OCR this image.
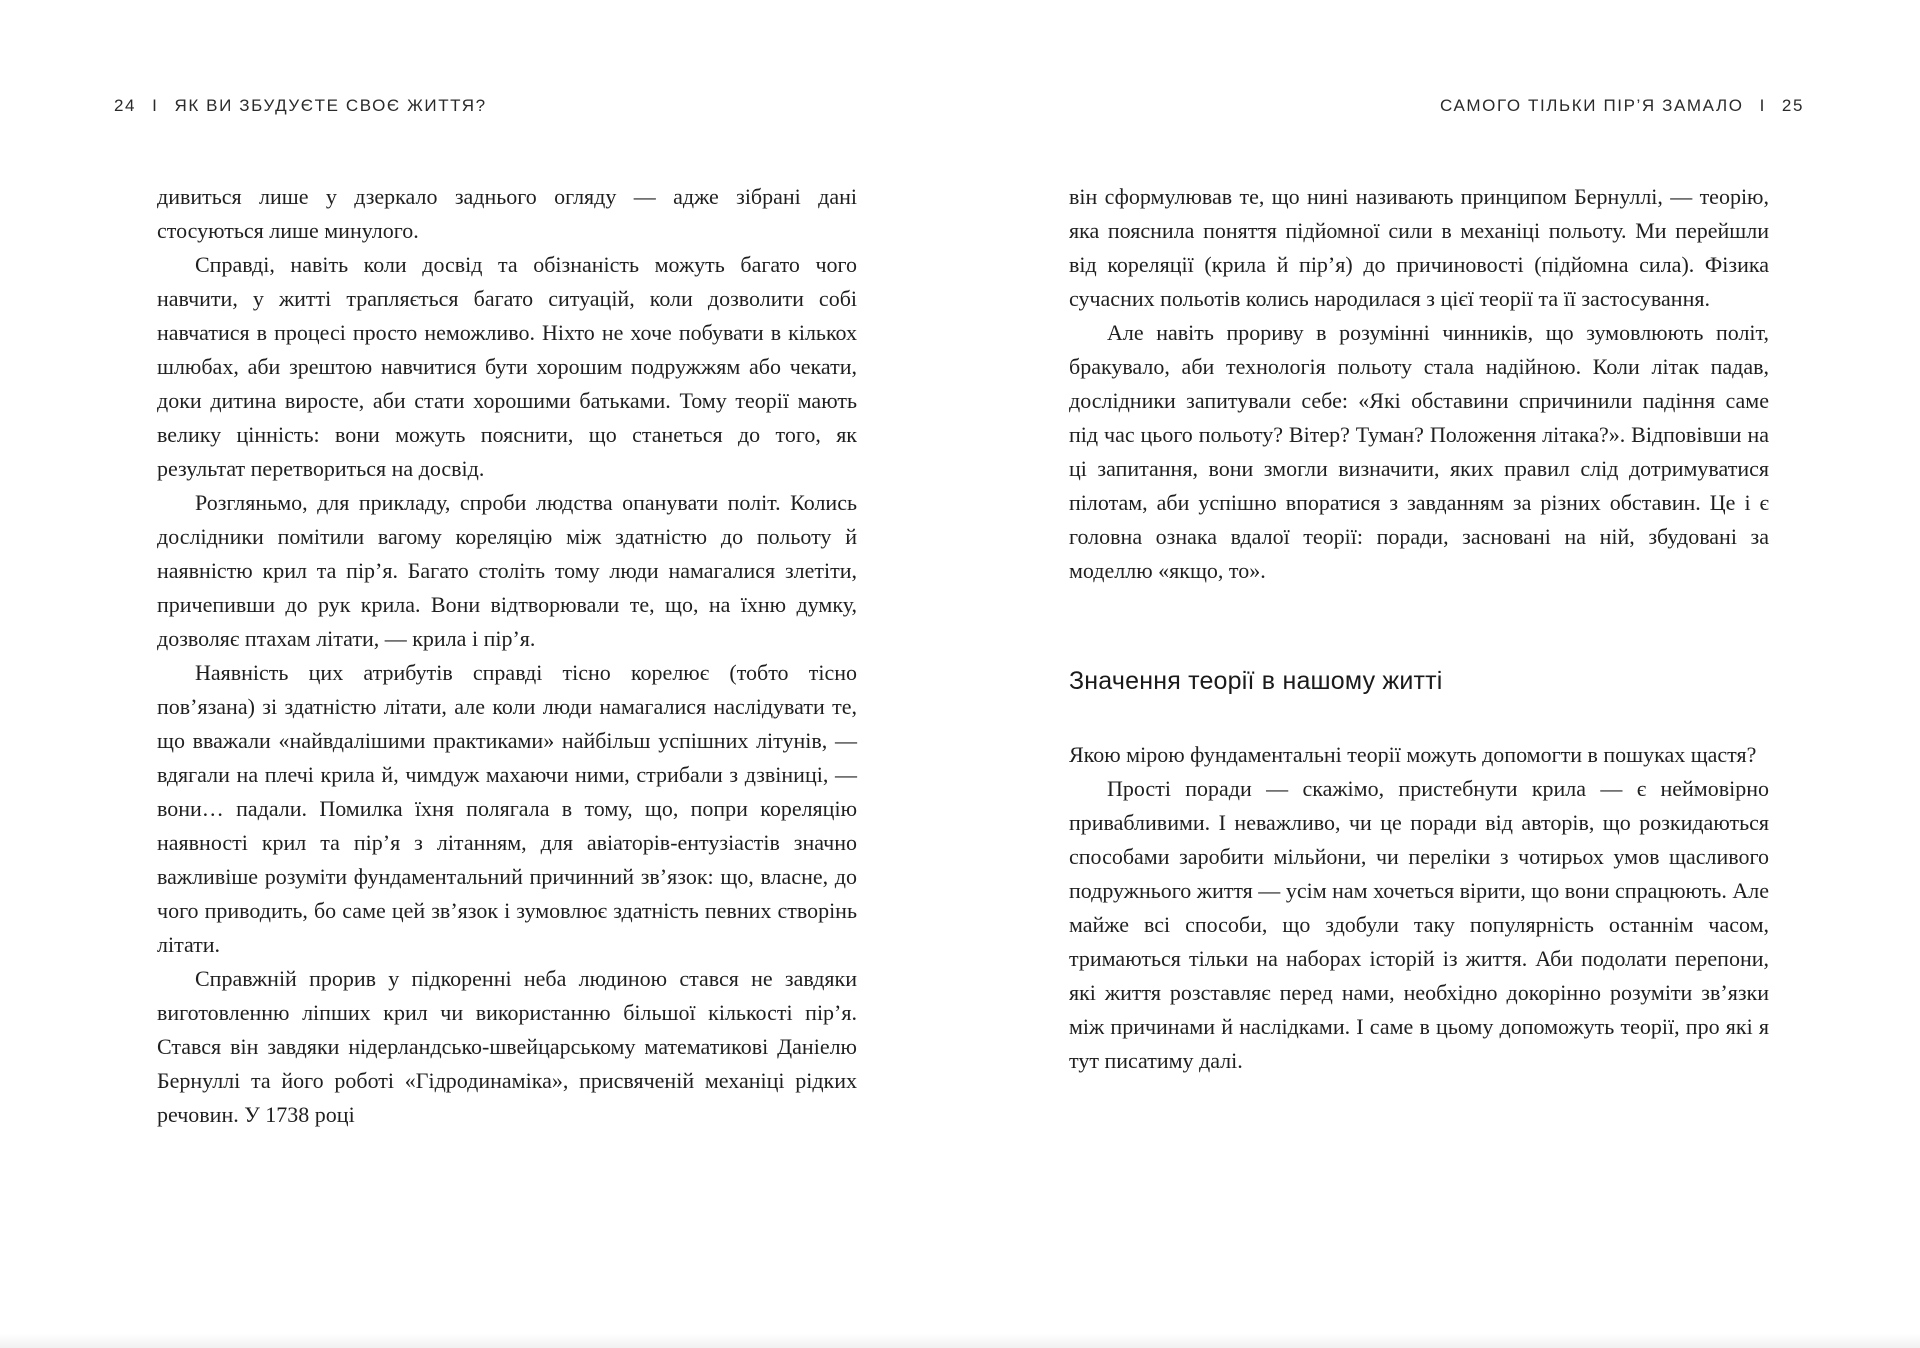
24 I ЯК ВИ ЗБУДУЄТЕ СВОЄ ЖИТТЯ?

дивиться лише у дзеркало заднього огляду — адже зібрані дані стосуються лише минулого.

Справді, навіть коли досвід та обізнаність можуть багато чого навчити, у житті трапляється багато ситуацій, коли дозволити собі навчатися в процесі просто неможливо. Ніхто не хоче побувати в кількох шлюбах, аби зрештою навчитися бути хорошим подружжям або чекати, доки дитина виросте, аби стати хорошими батьками. Тому теорії мають велику цінність: вони можуть пояснити, що станеться до того, як результат перетвориться на досвід.

Розгляньмо, для прикладу, спроби людства опанувати політ. Колись дослідники помітили вагому кореляцію між здатністю до польоту й наявністю крил та пір’я. Багато століть тому люди намагалися злетіти, причепивши до рук крила. Вони відтворювали те, що, на їхню думку, дозволяє птахам літати, — крила і пір’я.

Наявність цих атрибутів справді тісно корелює (тобто тісно пов’язана) зі здатністю літати, але коли люди намагалися наслідувати те, що вважали «найвдалішими практиками» найбільш успішних літунів, — вдягали на плечі крила й, чимдуж махаючи ними, стрибали з дзвіниці, — вони… падали. Помилка їхня полягала в тому, що, попри кореляцію наявності крил та пір’я з літанням, для авіаторів-ентузіастів значно важливіше розуміти фундаментальний причинний зв’язок: що, власне, до чого приводить, бо саме цей зв’язок і зумовлює здатність певних створінь літати.

Справжній прорив у підкоренні неба людиною стався не завдяки виготовленню ліпших крил чи використанню більшої кількості пір’я. Стався він завдяки нідерландсько-швейцарському математикові Даніелю Бернуллі та його роботі «Гідродинаміка», присвяченій механіці рідких речовин. У 1738 році

САМОГО ТІЛЬКИ ПІР’Я ЗАМАЛО I 25

він сформулював те, що нині називають принципом Бернуллі, — теорію, яка пояснила поняття підйомної сили в механіці польоту. Ми перейшли від кореляції (крила й пір’я) до причиновості (підйомна сила). Фізика сучасних польотів колись народилася з цієї теорії та її застосування.

Але навіть прориву в розумінні чинників, що зумовлюють політ, бракувало, аби технологія польоту стала надійною. Коли літак падав, дослідники запитували себе: «Які обставини спричинили падіння саме під час цього польоту? Вітер? Туман? Положення літака?». Відповівши на ці запитання, вони змогли визначити, яких правил слід дотримуватися пілотам, аби успішно впоратися з завданням за різних обставин. Це і є головна ознака вдалої теорії: поради, засновані на ній, збудовані за моделлю «якщо, то».

Значення теорії в нашому житті

Якою мірою фундаментальні теорії можуть допомогти в пошуках щастя?

Прості поради — скажімо, пристебнути крила — є неймовірно привабливими. І неважливо, чи це поради від авторів, що розкидаються способами заробити мільйони, чи переліки з чотирьох умов щасливого подружнього життя — усім нам хочеться вірити, що вони спрацюють. Але майже всі способи, що здобули таку популярність останнім часом, тримаються тільки на наборах історій із життя. Аби подолати перепони, які життя розставляє перед нами, необхідно докорінно розуміти зв’язки між причинами й наслідками. І саме в цьому допоможуть теорії, про які я тут писатиму далі.
